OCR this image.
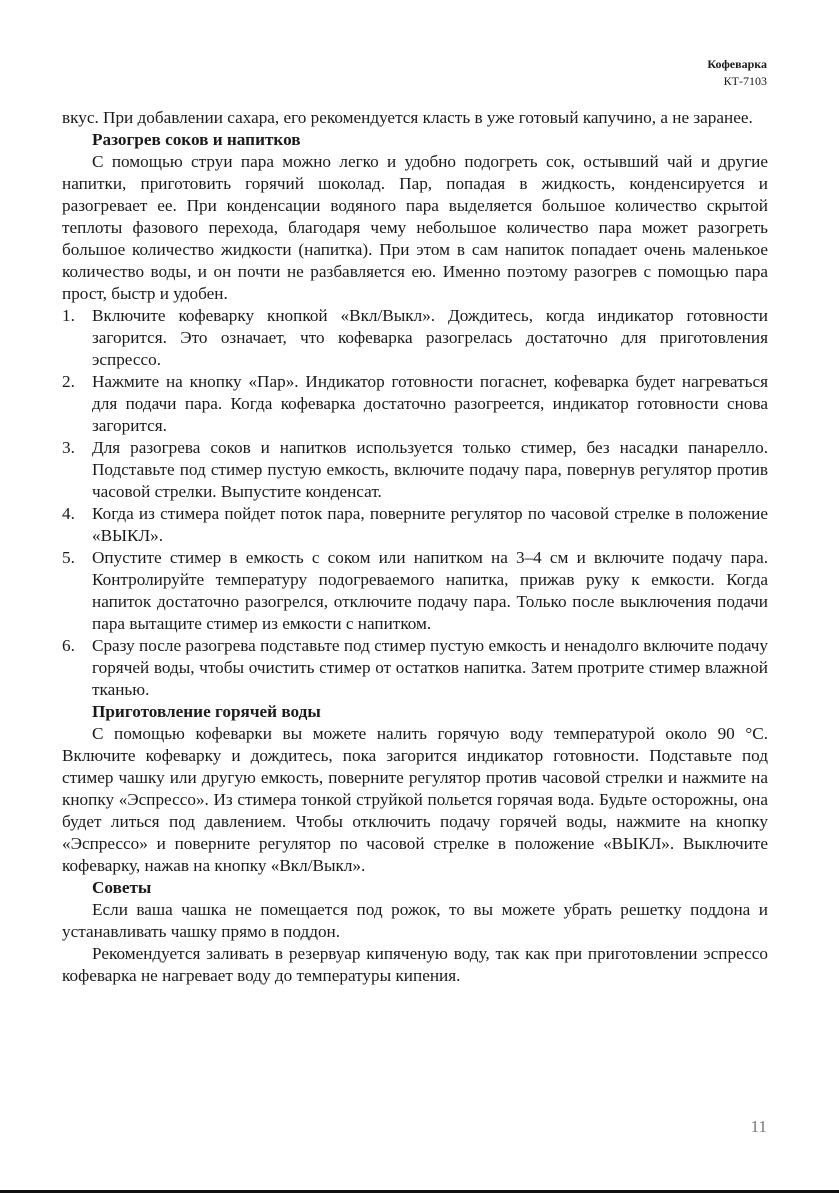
Кофеварка
КТ-7103

вкус. При добавлении сахара, его рекомендуется класть в уже готовый капучино, а не заранее.

Разогрев соков и напитков

С помощью струи пара можно легко и удобно подогреть сок, остывший чай и другие напитки, приготовить горячий шоколад. Пар, попадая в жидкость, конденсируется и разогревает ее. При конденсации водяного пара выделяется большое количество скрытой теплоты фазового перехода, благодаря чему небольшое количество пара может разогреть большое количество жидкости (напитка). При этом в сам напиток попадает очень маленькое количество воды, и он почти не разбавляется ею. Именно поэтому разогрев с помощью пара прост, быстр и удобен.

1. Включите кофеварку кнопкой «Вкл/Выкл». Дождитесь, когда индикатор готовности загорится. Это означает, что кофеварка разогрелась достаточно для приготовления эспрессо.
2. Нажмите на кнопку «Пар». Индикатор готовности погаснет, кофеварка будет нагреваться для подачи пара. Когда кофеварка достаточно разогреется, индикатор готовности снова загорится.
3. Для разогрева соков и напитков используется только стимер, без насадки панарелло. Подставьте под стимер пустую емкость, включите подачу пара, повернув регулятор против часовой стрелки. Выпустите конденсат.
4. Когда из стимера пойдет поток пара, поверните регулятор по часовой стрелке в положение «ВЫКЛ».
5. Опустите стимер в емкость с соком или напитком на 3–4 см и включите подачу пара. Контролируйте температуру подогреваемого напитка, прижав руку к емкости. Когда напиток достаточно разогрелся, отключите подачу пара. Только после выключения подачи пара вытащите стимер из емкости с напитком.
6. Сразу после разогрева подставьте под стимер пустую емкость и ненадолго включите подачу горячей воды, чтобы очистить стимер от остатков напитка. Затем протрите стимер влажной тканью.

Приготовление горячей воды

С помощью кофеварки вы можете налить горячую воду температурой около 90 °С. Включите кофеварку и дождитесь, пока загорится индикатор готовности. Подставьте под стимер чашку или другую емкость, поверните регулятор против часовой стрелки и нажмите на кнопку «Эспрессо». Из стимера тонкой струйкой польется горячая вода. Будьте осторожны, она будет литься под давлением. Чтобы отключить подачу горячей воды, нажмите на кнопку «Эспрессо» и поверните регулятор по часовой стрелке в положение «ВЫКЛ». Выключите кофеварку, нажав на кнопку «Вкл/Выкл».

Советы

Если ваша чашка не помещается под рожок, то вы можете убрать решетку поддона и устанавливать чашку прямо в поддон.

Рекомендуется заливать в резервуар кипяченую воду, так как при приготовлении эспрессо кофеварка не нагревает воду до температуры кипения.

11
